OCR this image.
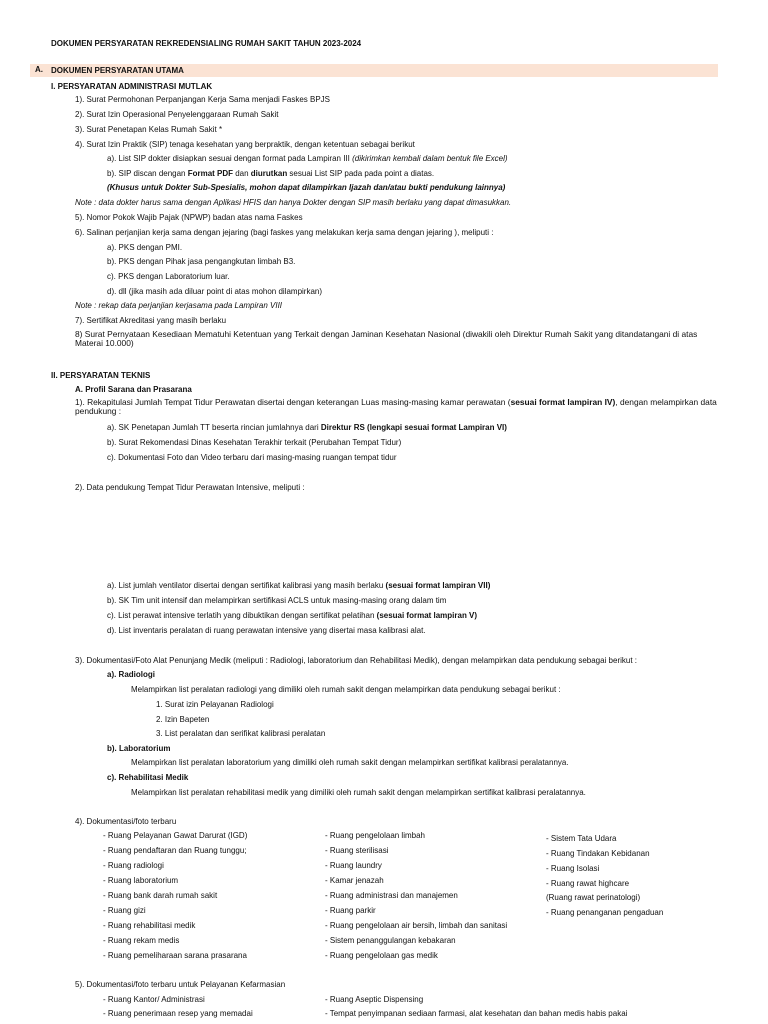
DOKUMEN PERSYARATAN REKREDENSIALING RUMAH SAKIT TAHUN 2023-2024
A. DOKUMEN PERSYARATAN UTAMA
I. PERSYARATAN ADMINISTRASI MUTLAK
1). Surat Permohonan Perpanjangan Kerja Sama menjadi Faskes BPJS
2). Surat Izin Operasional Penyelenggaraan Rumah Sakit
3). Surat Penetapan Kelas Rumah Sakit *
4). Surat Izin Praktik (SIP) tenaga kesehatan yang berpraktik, dengan ketentuan sebagai berikut
a). List SIP dokter disiapkan sesuai dengan format pada Lampiran III (dikirimkan kembali dalam bentuk file Excel)
b). SIP discan dengan Format PDF dan diurutkan sesuai List SIP pada pada point a diatas.
(Khusus untuk Dokter Sub-Spesialis, mohon dapat dilampirkan Ijazah dan/atau bukti pendukung lainnya)
Note : data dokter harus sama dengan Aplikasi HFIS dan hanya Dokter dengan SIP masih berlaku yang dapat dimasukkan.
5). Nomor Pokok Wajib Pajak (NPWP) badan atas nama Faskes
6). Salinan perjanjian kerja sama dengan jejaring (bagi faskes yang melakukan kerja sama dengan jejaring ), meliputi :
a). PKS dengan PMI.
b). PKS dengan Pihak jasa pengangkutan limbah B3.
c). PKS dengan Laboratorium luar.
d). dll (jika masih ada diluar point di atas mohon dilampirkan)
Note : rekap data perjanjian kerjasama pada Lampiran VIII
7). Sertifikat Akreditasi yang masih berlaku
8) Surat Pernyataan Kesediaan Mematuhi Ketentuan yang Terkait dengan Jaminan Kesehatan Nasional (diwakili oleh Direktur Rumah Sakit yang ditandatangani di atas Materai 10.000)
II. PERSYARATAN TEKNIS
A. Profil Sarana dan Prasarana
1). Rekapitulasi Jumlah Tempat Tidur Perawatan disertai dengan keterangan Luas masing-masing kamar perawatan (sesuai format lampiran IV), dengan melampirkan data pendukung :
a). SK Penetapan Jumlah TT beserta rincian jumlahnya dari Direktur RS (lengkapi sesuai format Lampiran VI)
b). Surat Rekomendasi Dinas Kesehatan Terakhir terkait (Perubahan Tempat Tidur)
c). Dokumentasi Foto dan Video terbaru dari masing-masing ruangan tempat tidur
2). Data pendukung Tempat Tidur Perawatan Intensive, meliputi :
a). List jumlah ventilator disertai dengan sertifikat kalibrasi yang masih berlaku (sesuai format lampiran VII)
b). SK Tim unit intensif dan melampirkan sertifikasi ACLS untuk masing-masing orang dalam tim
c). List perawat intensive terlatih yang dibuktikan dengan sertifikat pelatihan (sesuai format lampiran V)
d). List inventaris peralatan di ruang perawatan intensive yang disertai masa kalibrasi alat.
3). Dokumentasi/Foto Alat Penunjang Medik (meliputi : Radiologi, laboratorium dan Rehabilitasi Medik), dengan melampirkan data pendukung sebagai berikut :
a). Radiologi
Melampirkan list peralatan radiologi yang dimiliki oleh rumah sakit dengan melampirkan data pendukung sebagai berikut :
1. Surat izin Pelayanan Radiologi
2. Izin Bapeten
3. List peralatan dan serifikat kalibrasi peralatan
b). Laboratorium
Melampirkan list peralatan laboratorium yang dimiliki oleh rumah sakit dengan melampirkan sertifikat kalibrasi peralatannya.
c). Rehabilitasi Medik
Melampirkan list peralatan rehabilitasi medik yang dimiliki oleh rumah sakit dengan melampirkan sertifikat kalibrasi peralatannya.
4). Dokumentasi/foto terbaru
- Ruang Pelayanan Gawat Darurat (IGD)
- Ruang pendaftaran dan Ruang tunggu;
- Ruang radiologi
- Ruang laboratorium
- Ruang bank darah rumah sakit
- Ruang gizi
- Ruang rehabilitasi medik
- Ruang rekam medis
- Ruang pemeliharaan sarana prasarana
- Ruang pengelolaan limbah
- Ruang sterilisasi
- Ruang laundry
- Kamar jenazah
- Ruang administrasi dan manajemen
- Ruang parkir
- Ruang pengelolaan air bersih, limbah dan sanitasi
- Sistem penanggulangan kebakaran
- Ruang pengelolaan gas medik
- Sistem Tata Udara
- Ruang Tindakan Kebidanan
- Ruang Isolasi
- Ruang rawat highcare
(Ruang rawat perinatologi)
- Ruang penanganan pengaduan
5). Dokumentasi/foto terbaru untuk Pelayanan Kefarmasian
- Ruang Kantor/ Administrasi
- Ruang penerimaan resep yang memadai
- Ruang Aseptic Dispensing
- Tempat penyimpanan sediaan farmasi, alat kesehatan dan bahan medis habis pakai
